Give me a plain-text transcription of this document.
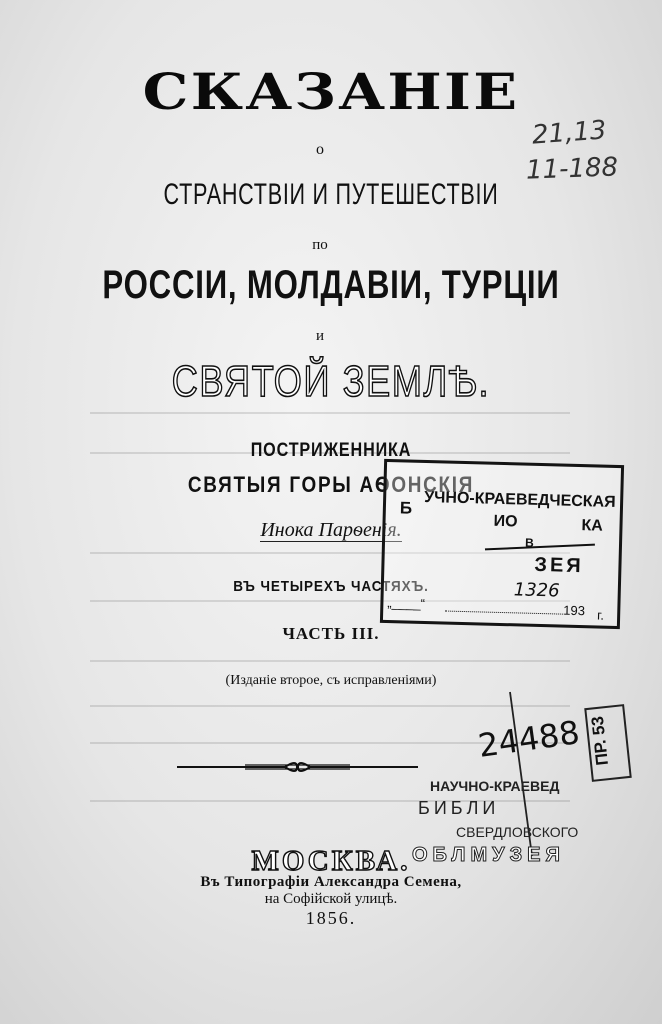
СКАЗАНIЕ
о
СТРАНСТВIИ И ПУТЕШЕСТВIИ
по
РОССIИ, МОЛДАВIИ, ТУРЦIИ
и
СВЯТОЙ ЗЕМЛѢ.
ПОСТРИЖЕННИКА
СВЯТЫЯ ГОРЫ АѲОНСКIЯ
Инока Парѳенiя.
ВЪ ЧЕТЫРЕХЪ ЧАСТЯХЪ.
ЧАСТЬ III.
(Изданiе второе, съ исправленiями)
МОСКВА.
Въ Типографiи Александра Семена,
на Софiйской улицѣ.
1856.
21,13
11-188
УЧНО-КРАЕВЕДЧЕСКАЯ
Б
ИО	КА
В
ЗЕЯ
1326
„____“	193 г.
24488 ПР. 53
НАУЧНО-КРАЕВЕД
БИБЛИ
СВЕРДЛОВСКОГО
ОБЛМУЗЕЯ
